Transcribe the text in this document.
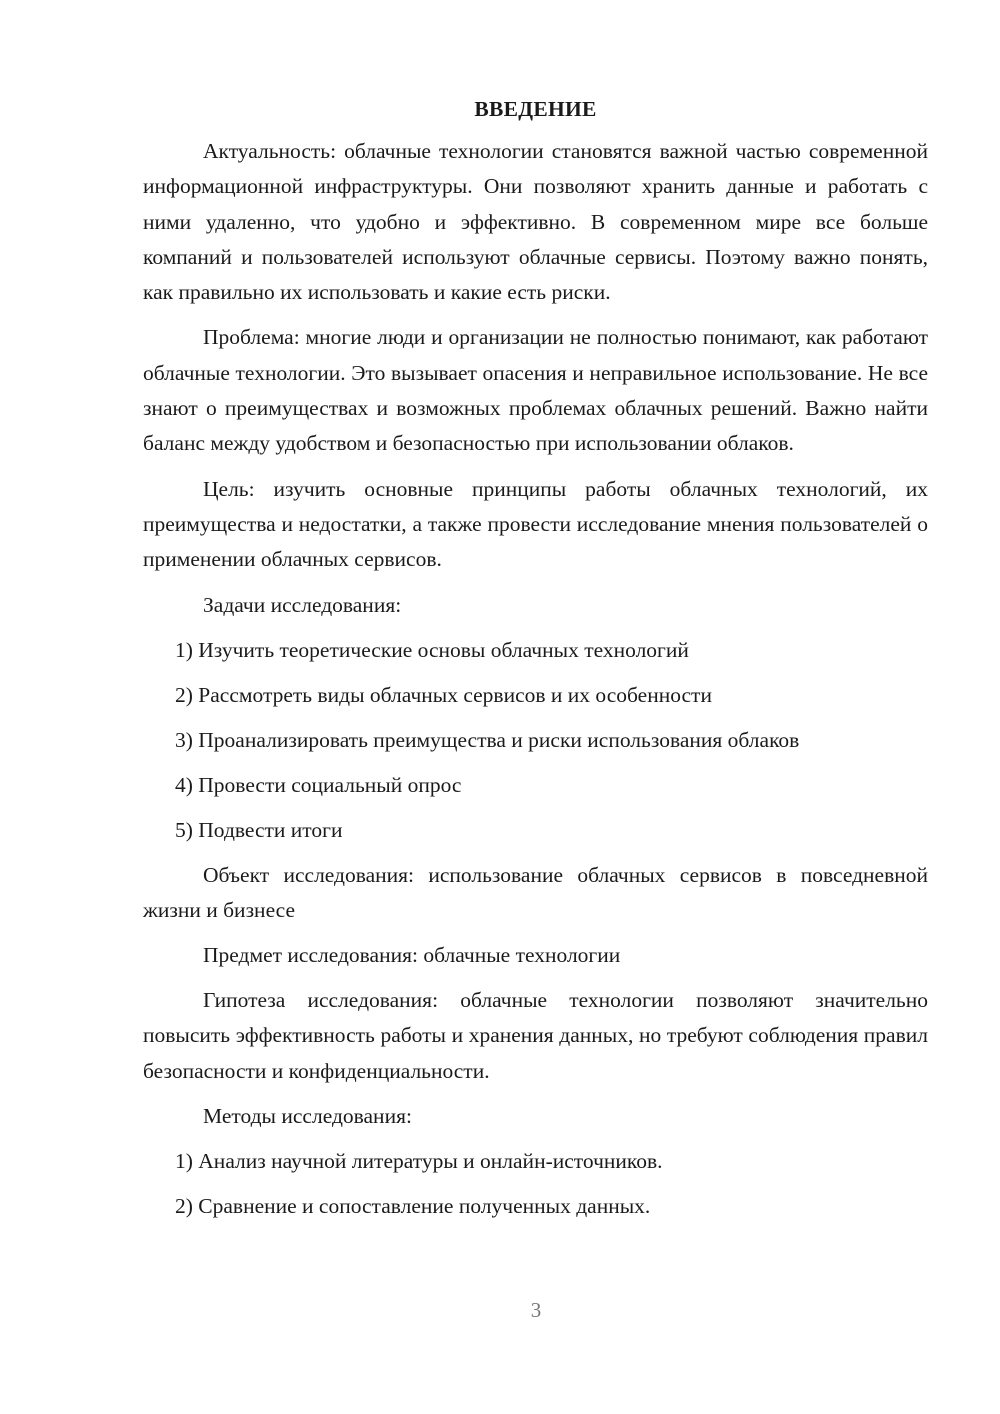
ВВЕДЕНИЕ

Актуальность: облачные технологии становятся важной частью современной информационной инфраструктуры. Они позволяют хранить данные и работать с ними удаленно, что удобно и эффективно. В современном мире все больше компаний и пользователей используют облачные сервисы. Поэтому важно понять, как правильно их использовать и какие есть риски.

Проблема: многие люди и организации не полностью понимают, как работают облачные технологии. Это вызывает опасения и неправильное использование. Не все знают о преимуществах и возможных проблемах облачных решений. Важно найти баланс между удобством и безопасностью при использовании облаков.

Цель: изучить основные принципы работы облачных технологий, их преимущества и недостатки, а также провести исследование мнения пользователей о применении облачных сервисов.

Задачи исследования:

1) Изучить теоретические основы облачных технологий

2) Рассмотреть виды облачных сервисов и их особенности

3) Проанализировать преимущества и риски использования облаков

4) Провести социальный опрос

5) Подвести итоги

Объект исследования: использование облачных сервисов в повседневной жизни и бизнесе

Предмет исследования: облачные технологии

Гипотеза исследования: облачные технологии позволяют значительно повысить эффективность работы и хранения данных, но требуют соблюдения правил безопасности и конфиденциальности.

Методы исследования:

1) Анализ научной литературы и онлайн-источников.

2) Сравнение и сопоставление полученных данных.

3
